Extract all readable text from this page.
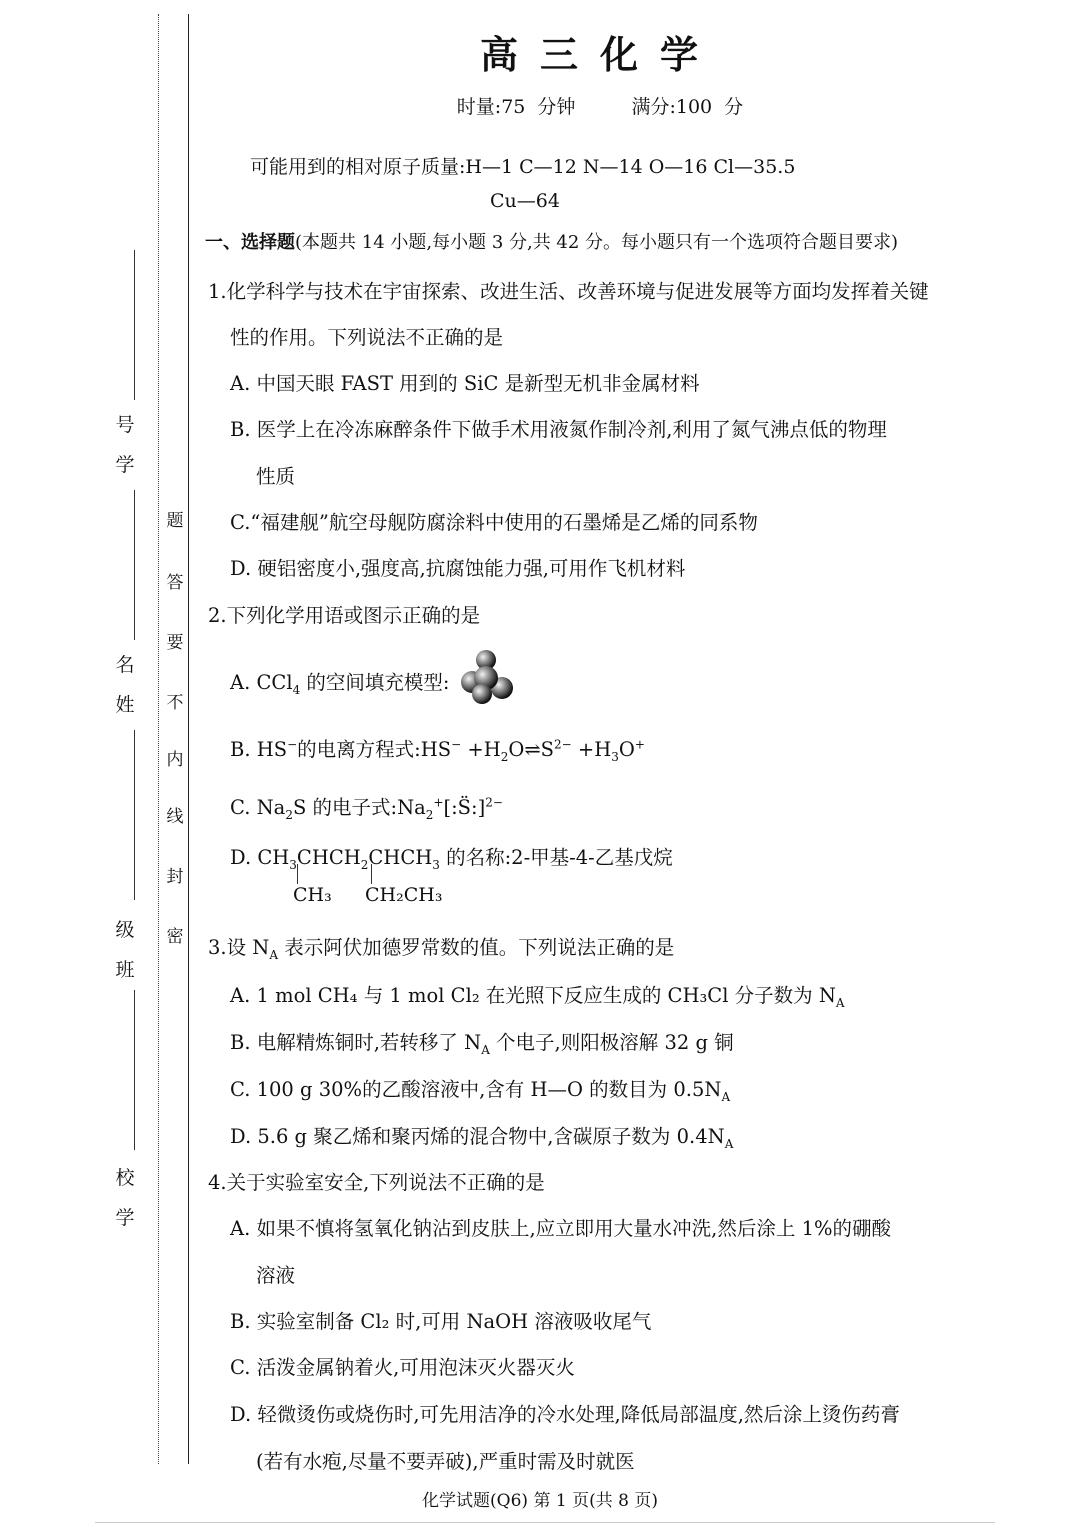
密
封
线
内
不
要
答
题
号
学
名
姓
级
班
校
学
高三化学
时量:75 分钟	满分:100 分
可能用到的相对原子质量:H—1 C—12 N—14 O—16 Cl—35.5
Cu—64
一、选择题(本题共 14 小题,每小题 3 分,共 42 分。每小题只有一个选项符合题目要求)
1.化学科学与技术在宇宙探索、改进生活、改善环境与促进发展等方面均发挥着关键
性的作用。下列说法不正确的是
A. 中国天眼 FAST 用到的 SiC 是新型无机非金属材料
B. 医学上在冷冻麻醉条件下做手术用液氮作制冷剂,利用了氮气沸点低的物理
性质
C.“福建舰”航空母舰防腐涂料中使用的石墨烯是乙烯的同系物
D. 硬铝密度小,强度高,抗腐蚀能力强,可用作飞机材料
2.下列化学用语或图示正确的是
A. CCl$_4$ 的空间填充模型:
B. HS−的电离方程式:HS− $+H_2O\rightleftharpoons S^{2-} +H_3O^+$
C. $Na_2S$ 的电子式$:Na_2^+[:S̈:]^{2-}$
D. $CH_3CHCH_2CHCH_3$ 的名称:2-甲基-4-乙基戊烷
CH₃ CH₂CH₃
3.设 $N_A$ 表示阿伏加德罗常数的值。下列说法正确的是
A. 1 mol CH₄ 与 1 mol Cl₂ 在光照下反应生成的 CH₃Cl 分子数为 $N_A$
B. 电解精炼铜时,若转移了 $N_A$ 个电子,则阳极溶解 32 g 铜
C. 100 g 30%的乙酸溶液中,含有 H—O 的数目为 $0.5N_A$
D. 5.6 g 聚乙烯和聚丙烯的混合物中,含碳原子数为 $0.4N_A$
4.关于实验室安全,下列说法不正确的是
A. 如果不慎将氢氧化钠沾到皮肤上,应立即用大量水冲洗,然后涂上 1%的硼酸
溶液
B. 实验室制备 Cl₂ 时,可用 NaOH 溶液吸收尾气
C. 活泼金属钠着火,可用泡沫灭火器灭火
D. 轻微烫伤或烧伤时,可先用洁净的冷水处理,降低局部温度,然后涂上烫伤药膏
(若有水疱,尽量不要弄破),严重时需及时就医
化学试题(Q6) 第 1 页(共 8 页)
